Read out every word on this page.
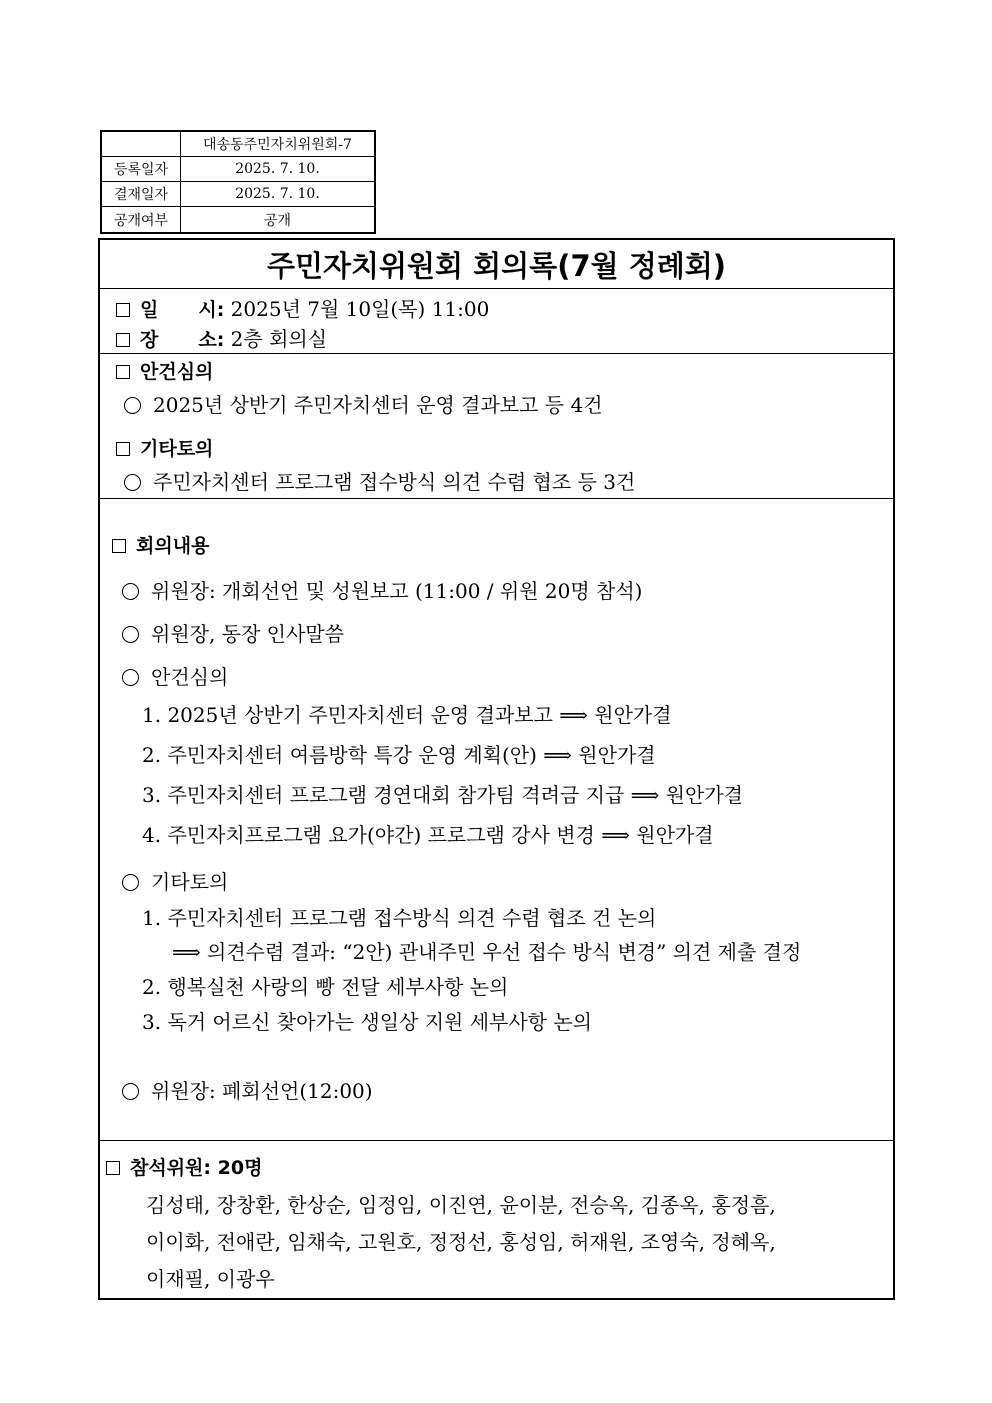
대송동주민자치위원회-7
등록일자	2025. 7. 10.
결재일자	2025. 7. 10.
공개여부	공개
주민자치위원회 회의록(7월 정례회)
일 시: 2025년 7월 10일(목) 11:00
장 소: 2층 회의실
안건심의
2025년 상반기 주민자치센터 운영 결과보고 등 4건
기타토의
주민자치센터 프로그램 접수방식 의견 수렴 협조 등 3건
회의내용
위원장: 개회선언 및 성원보고 (11:00 / 위원 20명 참석)
위원장, 동장 인사말씀
안건심의
1. 2025년 상반기 주민자치센터 운영 결과보고 ⟹ 원안가결
2. 주민자치센터 여름방학 특강 운영 계획(안) ⟹ 원안가결
3. 주민자치센터 프로그램 경연대회 참가팀 격려금 지급 ⟹ 원안가결
4. 주민자치프로그램 요가(야간) 프로그램 강사 변경 ⟹ 원안가결
기타토의
1. 주민자치센터 프로그램 접수방식 의견 수렴 협조 건 논의
⟹ 의견수렴 결과: “2안) 관내주민 우선 접수 방식 변경” 의견 제출 결정
2. 행복실천 사랑의 빵 전달 세부사항 논의
3. 독거 어르신 찾아가는 생일상 지원 세부사항 논의
위원장: 폐회선언(12:00)
참석위원: 20명
김성태, 장창환, 한상순, 임정임, 이진연, 윤이분, 전승옥, 김종옥, 홍정흠,
이이화, 전애란, 임채숙, 고원호, 정정선, 홍성임, 허재원, 조영숙, 정혜옥,
이재필, 이광우
